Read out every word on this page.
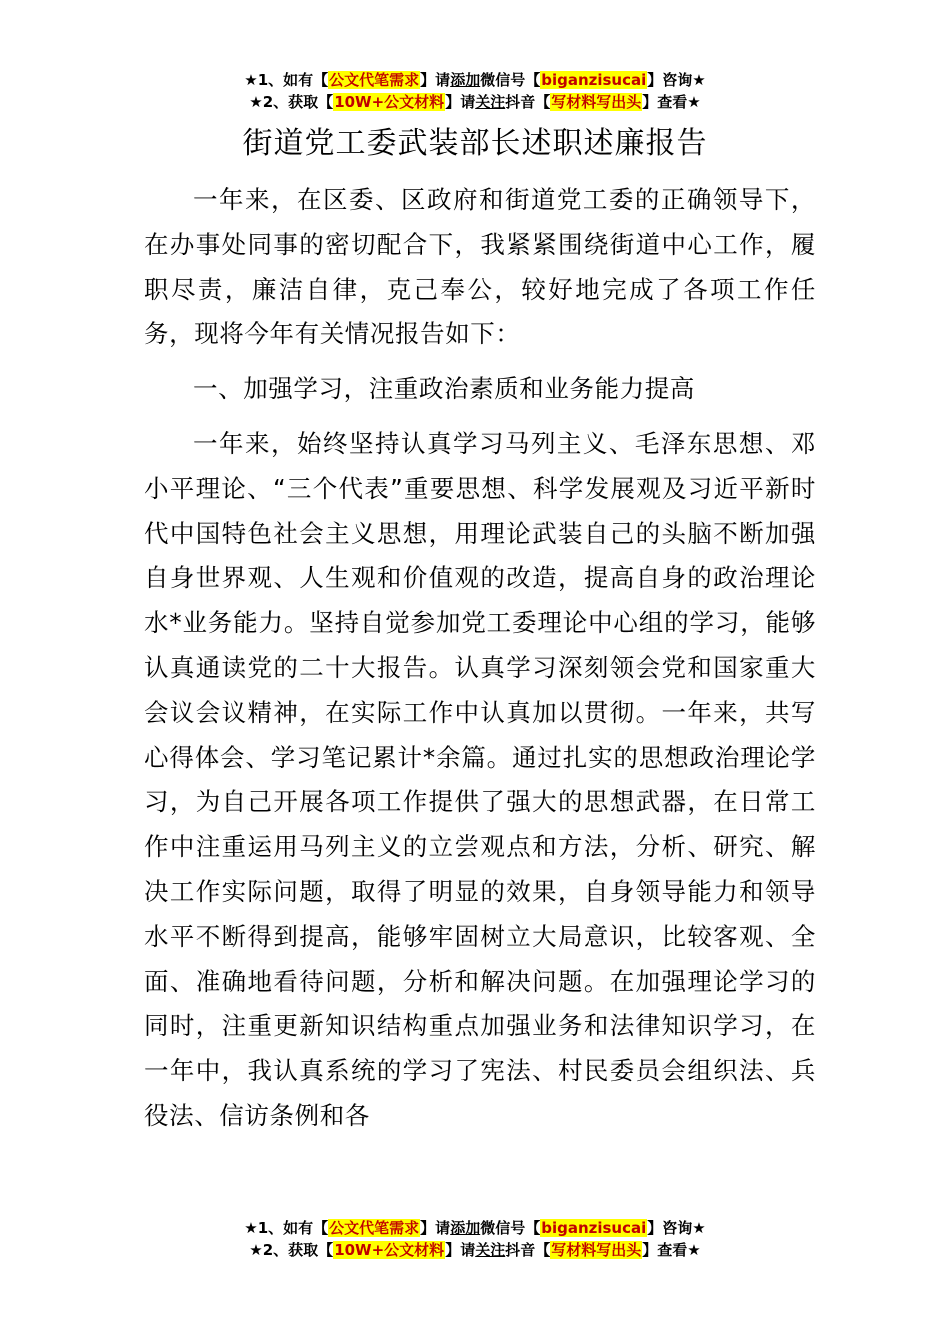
★1、如有【公文代笔需求】请添加微信号【biganzisucai】咨询★
★2、获取【10W+公文材料】请关注抖音【写材料写出头】查看★
街道党工委武装部长述职述廉报告

一年来，在区委、区政府和街道党工委的正确领导下，在办事处同事的密切配合下，我紧紧围绕街道中心工作，履职尽责，廉洁自律，克己奉公，较好地完成了各项工作任务，现将今年有关情况报告如下：

一、加强学习，注重政治素质和业务能力提高

一年来，始终坚持认真学习马列主义、毛泽东思想、邓小平理论、“三个代表”重要思想、科学发展观及习近平新时代中国特色社会主义思想，用理论武装自己的头脑不断加强自身世界观、人生观和价值观的改造，提高自身的政治理论水*业务能力。坚持自觉参加党工委理论中心组的学习，能够认真通读党的二十大报告。认真学习深刻领会党和国家重大会议会议精神，在实际工作中认真加以贯彻。一年来，共写心得体会、学习笔记累计*余篇。通过扎实的思想政治理论学习，为自己开展各项工作提供了强大的思想武器，在日常工作中注重运用马列主义的立尝观点和方法，分析、研究、解决工作实际问题，取得了明显的效果，自身领导能力和领导水平不断得到提高，能够牢固树立大局意识，比较客观、全面、准确地看待问题，分析和解决问题。在加强理论学习的同时，注重更新知识结构重点加强业务和法律知识学习，在一年中，我认真系统的学习了宪法、村民委员会组织法、兵役法、信访条例和各

★1、如有【公文代笔需求】请添加微信号【biganzisucai】咨询★
★2、获取【10W+公文材料】请关注抖音【写材料写出头】查看★
